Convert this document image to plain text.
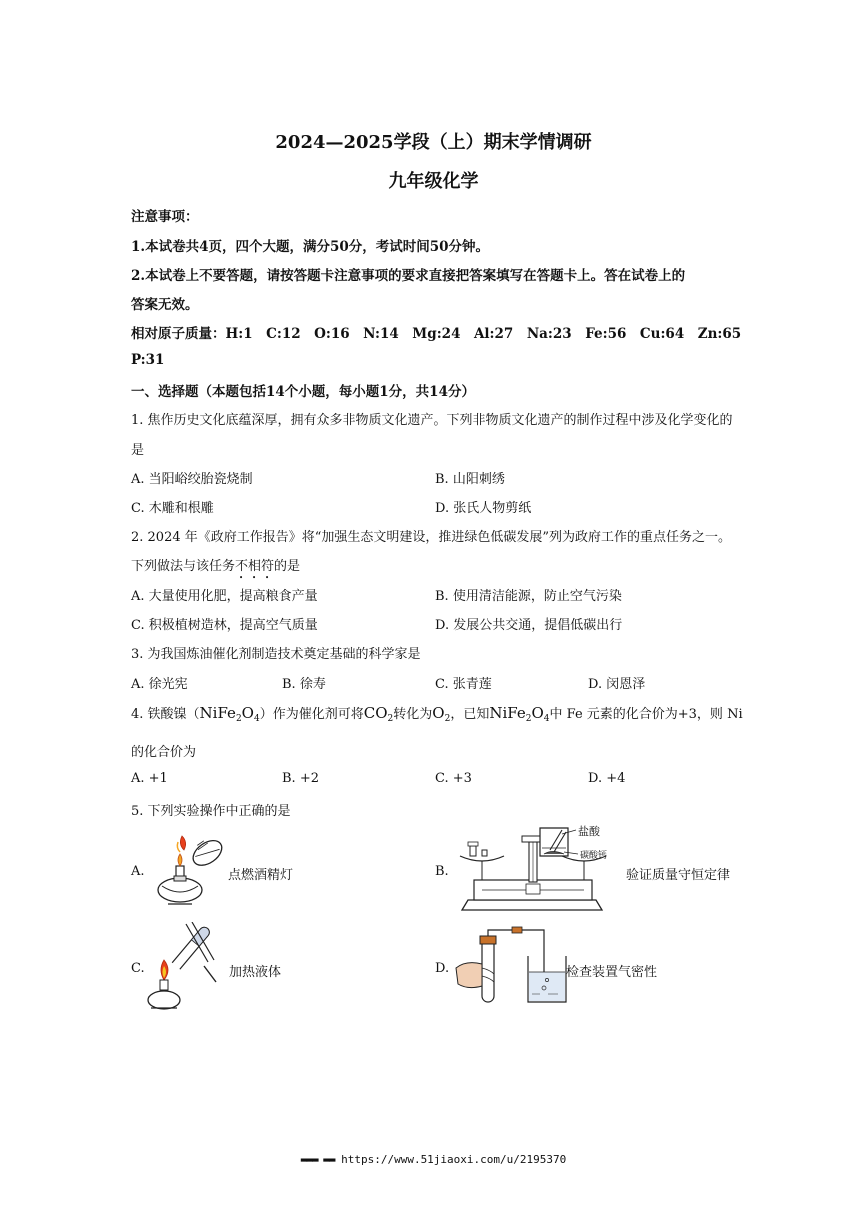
2024—2025学段（上）期末学情调研
九年级化学
注意事项：
1.本试卷共4页，四个大题，满分50分，考试时间50分钟。
2.本试卷上不要答题，请按答题卡注意事项的要求直接把答案填写在答题卡上。答在试卷上的
答案无效。
相对原子质量：H:1　C:12　O:16　N:14　Mg:24　Al:27　Na:23　Fe:56　Cu:64　Zn:65
P:31
一、选择题（本题包括14个小题，每小题1分，共14分）
1. 焦作历史文化底蕴深厚，拥有众多非物质文化遗产。下列非物质文化遗产的制作过程中涉及化学变化的
是
A. 当阳峪绞胎瓷烧制	B. 山阳刺绣
C. 木雕和根雕	D. 张氏人物剪纸
2. 2024 年《政府工作报告》将“加强生态文明建设，推进绿色低碳发展”列为政府工作的重点任务之一。
下列做法与该任务不相符的是
A. 大量使用化肥，提高粮食产量	B. 使用清洁能源，防止空气污染
C. 积极植树造林，提高空气质量	D. 发展公共交通，提倡低碳出行
3. 为我国炼油催化剂制造技术奠定基础的科学家是
A. 徐光宪	B. 徐寿	C. 张青莲	D. 闵恩泽
4. 铁酸镍$(NiFe_2O_4)$作为催化剂可将$CO_2$转化为$O_2$，已知$NiFe_2O_4$中 Fe 元素的化合价为+3，则 Ni
的化合价为
A. +1	B. +2	C. +3	D. +4
5. 下列实验操作中正确的是
A.	点燃酒精灯	B.
盐酸
碳酸钙
验证质量守恒定律
C.	加热液体	D.	检查装置气密性
▬▬▬ ▬▬ https://www.51jiaoxi.com/u/2195370
